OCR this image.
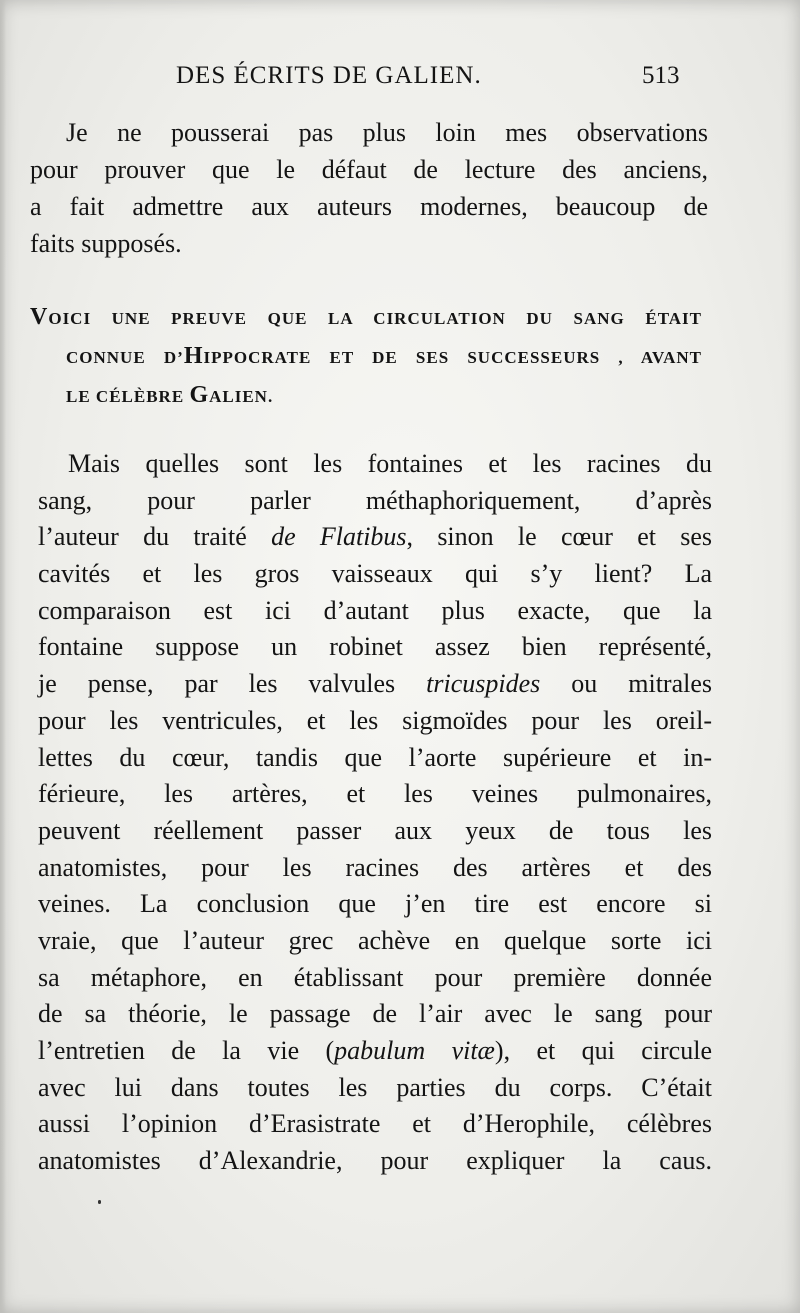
DES ÉCRITS DE GALIEN.	513
Je ne pousserai pas plus loin mes observations
pour prouver que le défaut de lecture des anciens,
a fait admettre aux auteurs modernes, beaucoup de
faits supposés.
VOICI UNE PREUVE QUE LA CIRCULATION DU SANG ÉTAIT
CONNUE D’HIPPOCRATE ET DE SES SUCCESSEURS , AVANT
LE CÉLÈBRE GALIEN.
Mais quelles sont les fontaines et les racines du
sang, pour parler méthaphoriquement, d’après
l’auteur du traité de Flatibus, sinon le cœur et ses
cavités et les gros vaisseaux qui s’y lient? La
comparaison est ici d’autant plus exacte, que la
fontaine suppose un robinet assez bien représenté,
je pense, par les valvules tricuspides ou mitrales
pour les ventricules, et les sigmoïdes pour les oreil-
lettes du cœur, tandis que l’aorte supérieure et in-
férieure, les artères, et les veines pulmonaires,
peuvent réellement passer aux yeux de tous les
anatomistes, pour les racines des artères et des
veines. La conclusion que j’en tire est encore si
vraie, que l’auteur grec achève en quelque sorte ici
sa métaphore, en établissant pour première donnée
de sa théorie, le passage de l’air avec le sang pour
l’entretien de la vie (pabulum vitæ), et qui circule
avec lui dans toutes les parties du corps. C’était
aussi l’opinion d’Erasistrate et d’Herophile, célèbres
anatomistes d’Alexandrie, pour expliquer la caus.
